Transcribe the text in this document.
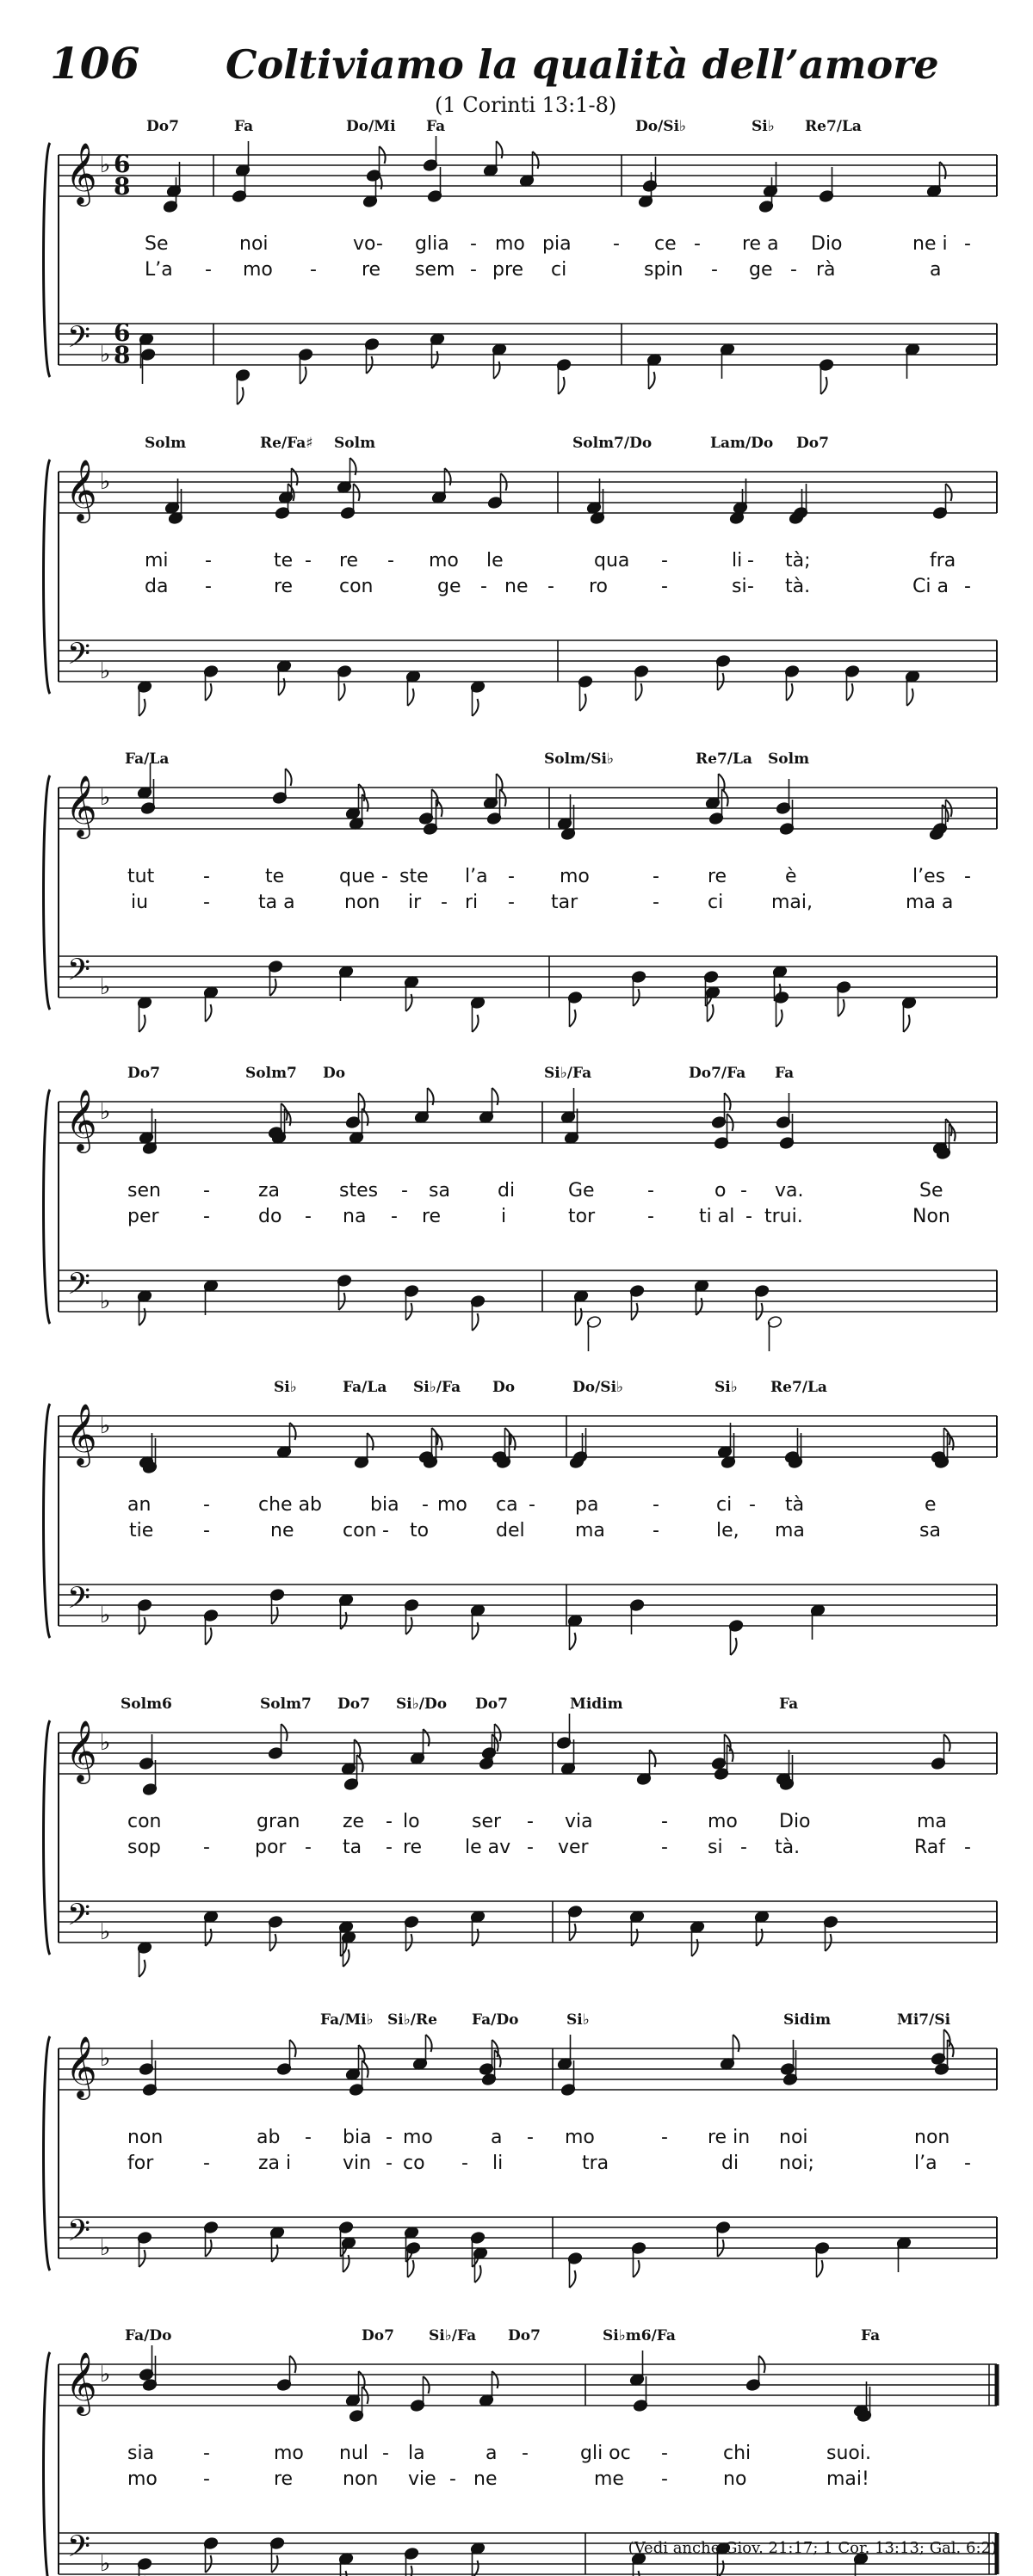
106 Coltiviamo la qualità dell’amore
(1 Corinti 13:1-8)
𝄞 ♭ 6
8
𝄢 ♭
6
8
Do7	Fa	Do/Mi Fa	Do/Si♭	Si♭ Re7/La
Se	noi	vo- glia - mo pia - ce - re a Dio	ne i -
L’a - mo - re sem - pre ci	spin - ge - rà	a
𝄞 ♭
𝄢 ♭
Solm	Re/Fa♯ Solm	Solm7/Do	Lam/Do Do7
mi -	te - re - mo le	qua -	li - tà;	fra
da -	re con	ge - ne - ro	-	si - tà.	Ci a -
𝄞 ♭
𝄢 ♭
Fa/La	Solm/Si♭	Re7/La Solm
tut	-	te	que - ste l’a - mo	-	re	è	l’es -
iu	-	ta a	non ir - ri - tar	-	ci	mai,	ma a
𝄞 ♭
𝄢 ♭
Do7	Solm7 Do	Si♭/Fa	Do7/Fa Fa
sen -	za	stes - sa	di	Ge	-	o - va.	Se
per -	do - na - re	i	tor	- ti al - trui.	Non
𝄞 ♭
𝄢 ♭
Si♭	Fa/La Si♭/Fa Do	Do/Si♭	Si♭ Re7/La
an	-	che ab	bia - mo ca - pa	-	ci - tà	e
tie	-	ne	con - to	del	ma	-	le, ma	sa
𝄞 ♭
𝄢 ♭
Solm6	Solm7 Do7 Si♭/Do Do7	Midim	Fa
con	gran ze - lo	ser - via	- mo Dio	ma
sop - por - ta - re le av - ver	- si - tà.	Raf -
𝄞 ♭
𝄢 ♭
Fa/Mi♭ Si♭/Re Fa/Do	Si♭	Sidim	Mi7/Si
non	ab - bia - mo	a - mo	- re in noi	non
for	-	za i	vin - co - li	tra	di noi;	l’a -
𝄞 ♭
𝄢 ♭
Fa/Do	Do7 Si♭/Fa Do7	Si♭m6/Fa	Fa
sia	-	mo nul - la	a -	gli oc -	chi	suoi.
mo -	re	non vie - ne	me -	no	mai!
(Vedi anche Giov. 21:17; 1 Cor. 13:13; Gal. 6:2)
